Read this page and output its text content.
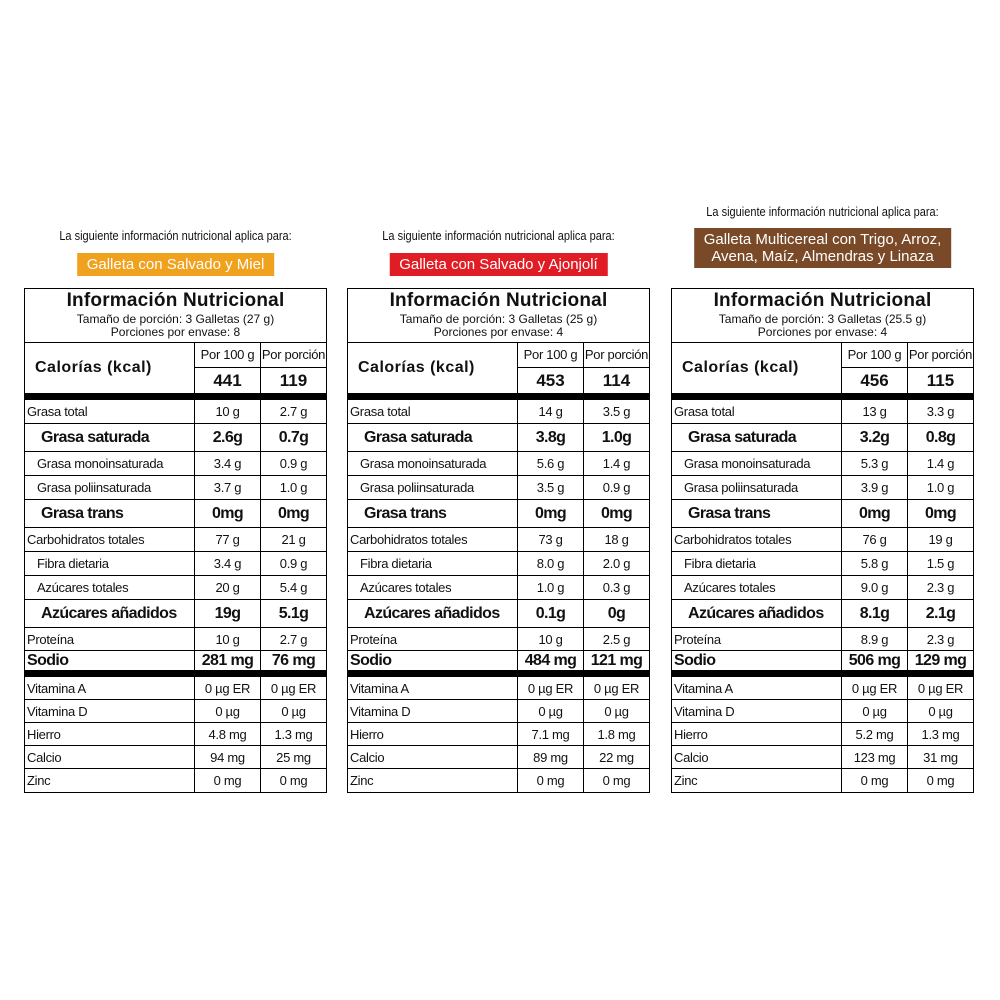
La siguiente información nutricional aplica para:
Galleta con Salvado y Miel
Información Nutricional
Tamaño de porción: 3 Galletas (27 g)
Porciones por envase: 8
Calorías (kcal)
Por 100 g
441
Por porción
119
Grasa total	10 g	2.7 g
Grasa saturada	2.6g	0.7g
Grasa monoinsaturada	3.4 g	0.9 g
Grasa poliinsaturada	3.7 g	1.0 g
Grasa trans	0mg	0mg
Carbohidratos totales	77 g	21 g
Fibra dietaria	3.4 g	0.9 g
Azúcares totales	20 g	5.4 g
Azúcares añadidos	19g	5.1g
Proteína	10 g	2.7 g
Sodio	281 mg	76 mg
Vitamina A	0 µg ER	0 µg ER
Vitamina D	0 µg	0 µg
Hierro	4.8 mg	1.3 mg
Calcio	94 mg	25 mg
Zinc	0 mg	0 mg
La siguiente información nutricional aplica para:
Galleta con Salvado y Ajonjolí
Información Nutricional
Tamaño de porción: 3 Galletas (25 g)
Porciones por envase: 4
Calorías (kcal)
Por 100 g
453
Por porción
114
Grasa total	14 g	3.5 g
Grasa saturada	3.8g	1.0g
Grasa monoinsaturada	5.6 g	1.4 g
Grasa poliinsaturada	3.5 g	0.9 g
Grasa trans	0mg	0mg
Carbohidratos totales	73 g	18 g
Fibra dietaria	8.0 g	2.0 g
Azúcares totales	1.0 g	0.3 g
Azúcares añadidos	0.1g	0g
Proteína	10 g	2.5 g
Sodio	484 mg 121 mg
Vitamina A	0 µg ER	0 µg ER
Vitamina D	0 µg	0 µg
Hierro	7.1 mg	1.8 mg
Calcio	89 mg	22 mg
Zinc	0 mg	0 mg
La siguiente información nutricional aplica para:
Galleta Multicereal con Trigo, Arroz,
Avena, Maíz, Almendras y Linaza
Información Nutricional
Tamaño de porción: 3 Galletas (25.5 g)
Porciones por envase: 4
Calorías (kcal)
Por 100 g
456
Por porción
115
Grasa total	13 g	3.3 g
Grasa saturada	3.2g	0.8g
Grasa monoinsaturada	5.3 g	1.4 g
Grasa poliinsaturada	3.9 g	1.0 g
Grasa trans	0mg	0mg
Carbohidratos totales	76 g	19 g
Fibra dietaria	5.8 g	1.5 g
Azúcares totales	9.0 g	2.3 g
Azúcares añadidos	8.1g	2.1g
Proteína	8.9 g	2.3 g
Sodio	506 mg 129 mg
Vitamina A	0 µg ER	0 µg ER
Vitamina D	0 µg	0 µg
Hierro	5.2 mg	1.3 mg
Calcio	123 mg	31 mg
Zinc	0 mg	0 mg
